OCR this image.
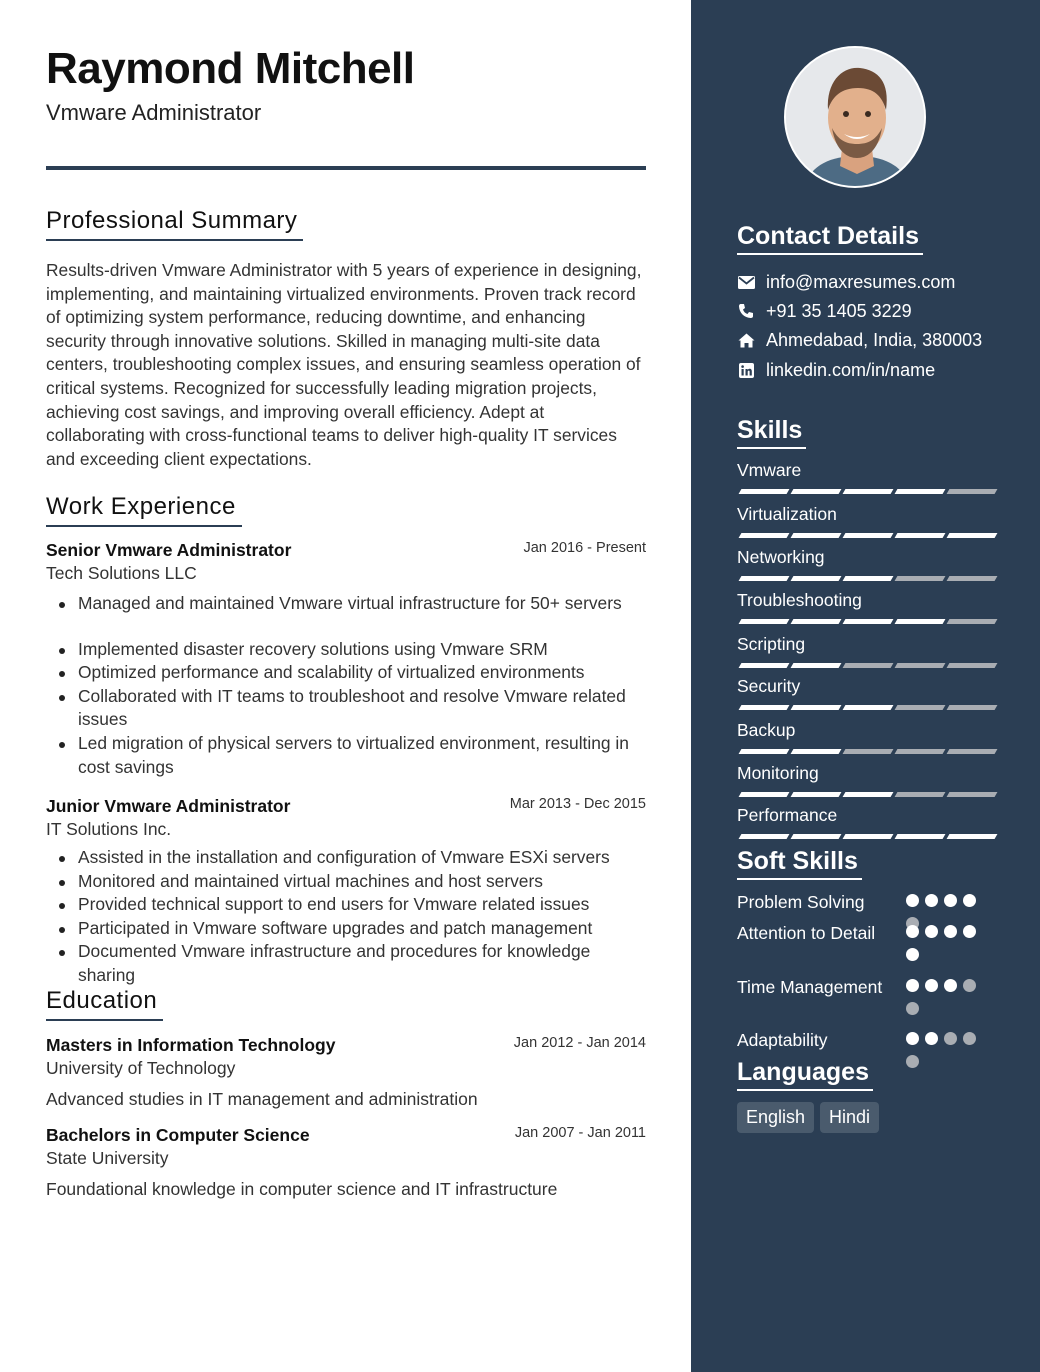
Raymond Mitchell
Vmware Administrator
Professional Summary
Results-driven Vmware Administrator with 5 years of experience in designing, implementing, and maintaining virtualized environments. Proven track record of optimizing system performance, reducing downtime, and enhancing security through innovative solutions. Skilled in managing multi-site data centers, troubleshooting complex issues, and ensuring seamless operation of critical systems. Recognized for successfully leading migration projects, achieving cost savings, and improving overall efficiency. Adept at collaborating with cross-functional teams to deliver high-quality IT services and exceeding client expectations.
Work Experience
Senior Vmware Administrator	Jan 2016 - Present
Tech Solutions LLC
Managed and maintained Vmware virtual infrastructure for 50+ servers
Implemented disaster recovery solutions using Vmware SRM
Optimized performance and scalability of virtualized environments
Collaborated with IT teams to troubleshoot and resolve Vmware related issues
Led migration of physical servers to virtualized environment, resulting in cost savings
Junior Vmware Administrator	Mar 2013 - Dec 2015
IT Solutions Inc.
Assisted in the installation and configuration of Vmware ESXi servers
Monitored and maintained virtual machines and host servers
Provided technical support to end users for Vmware related issues
Participated in Vmware software upgrades and patch management
Documented Vmware infrastructure and procedures for knowledge sharing
Education
Masters in Information Technology	Jan 2012 - Jan 2014
University of Technology
Advanced studies in IT management and administration
Bachelors in Computer Science	Jan 2007 - Jan 2011
State University
Foundational knowledge in computer science and IT infrastructure
Contact Details
info@maxresumes.com
+91 35 1405 3229
Ahmedabad, India, 380003
linkedin.com/in/name
Skills
Vmware
Virtualization
Networking
Troubleshooting
Scripting
Security
Backup
Monitoring
Performance
Soft Skills
Problem Solving
Attention to Detail
Time Management
Adaptability
Languages
English	Hindi
